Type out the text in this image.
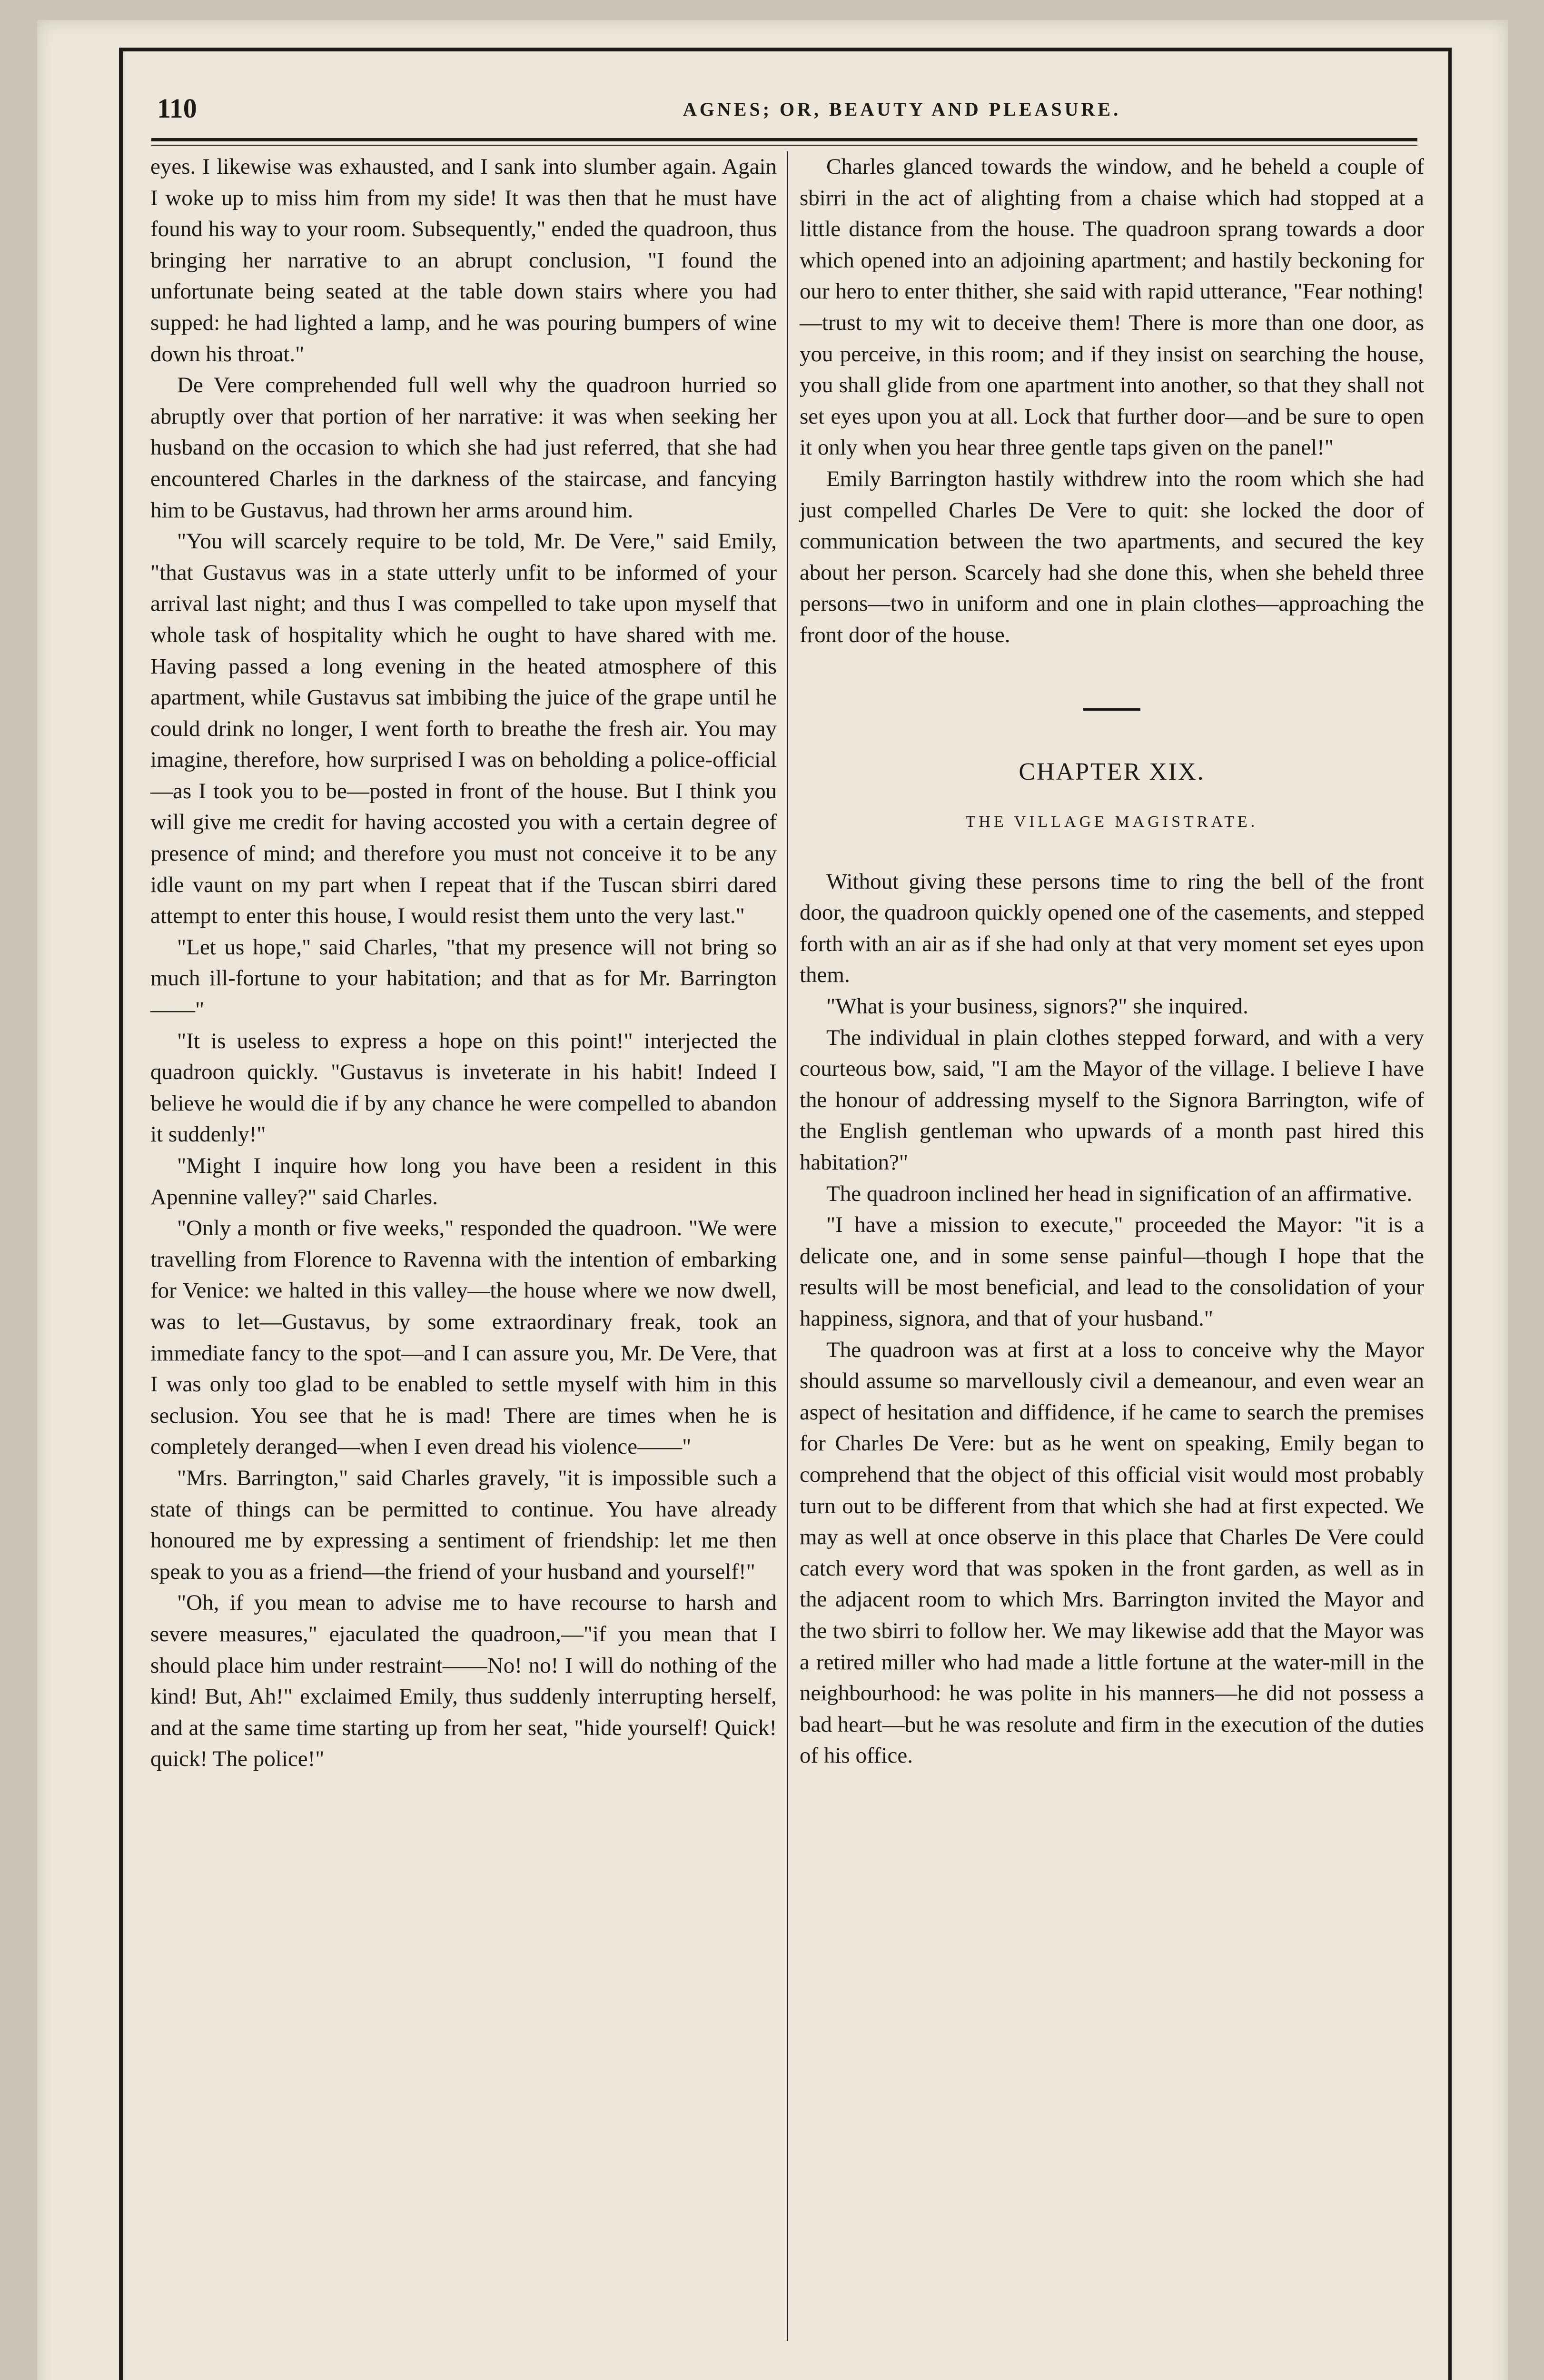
110	AGNES; OR, BEAUTY AND PLEASURE.

eyes. I likewise was exhausted, and I sank into slumber again. Again I woke up to miss him from my side! It was then that he must have found his way to your room. Subsequently," ended the quadroon, thus bringing her narrative to an abrupt conclusion, "I found the unfortunate being seated at the table down stairs where you had supped: he had lighted a lamp, and he was pouring bumpers of wine down his throat."

De Vere comprehended full well why the quadroon hurried so abruptly over that portion of her narrative: it was when seeking her husband on the occasion to which she had just referred, that she had encountered Charles in the darkness of the staircase, and fancying him to be Gustavus, had thrown her arms around him.

"You will scarcely require to be told, Mr. De Vere," said Emily, "that Gustavus was in a state utterly unfit to be informed of your arrival last night; and thus I was compelled to take upon myself that whole task of hospitality which he ought to have shared with me. Having passed a long evening in the heated atmosphere of this apartment, while Gustavus sat imbibing the juice of the grape until he could drink no longer, I went forth to breathe the fresh air. You may imagine, therefore, how surprised I was on beholding a police-official—as I took you to be—posted in front of the house. But I think you will give me credit for having accosted you with a certain degree of presence of mind; and therefore you must not conceive it to be any idle vaunt on my part when I repeat that if the Tuscan sbirri dared attempt to enter this house, I would resist them unto the very last."

"Let us hope," said Charles, "that my presence will not bring so much ill-fortune to your habitation; and that as for Mr. Barrington——"

"It is useless to express a hope on this point!" interjected the quadroon quickly. "Gustavus is inveterate in his habit! Indeed I believe he would die if by any chance he were compelled to abandon it suddenly!"

"Might I inquire how long you have been a resident in this Apennine valley?" said Charles.

"Only a month or five weeks," responded the quadroon. "We were travelling from Florence to Ravenna with the intention of embarking for Venice: we halted in this valley—the house where we now dwell, was to let—Gustavus, by some extraordinary freak, took an immediate fancy to the spot—and I can assure you, Mr. De Vere, that I was only too glad to be enabled to settle myself with him in this seclusion. You see that he is mad! There are times when he is completely deranged—when I even dread his violence——"

"Mrs. Barrington," said Charles gravely, "it is impossible such a state of things can be permitted to continue. You have already honoured me by expressing a sentiment of friendship: let me then speak to you as a friend—the friend of your husband and yourself!"

"Oh, if you mean to advise me to have recourse to harsh and severe measures," ejaculated the quadroon,—"if you mean that I should place him under restraint——No! no! I will do nothing of the kind! But, Ah!" exclaimed Emily, thus suddenly interrupting herself, and at the same time starting up from her seat, "hide yourself! Quick! quick! The police!"

Charles glanced towards the window, and he beheld a couple of sbirri in the act of alighting from a chaise which had stopped at a little distance from the house. The quadroon sprang towards a door which opened into an adjoining apartment; and hastily beckoning for our hero to enter thither, she said with rapid utterance, "Fear nothing!—trust to my wit to deceive them! There is more than one door, as you perceive, in this room; and if they insist on searching the house, you shall glide from one apartment into another, so that they shall not set eyes upon you at all. Lock that further door—and be sure to open it only when you hear three gentle taps given on the panel!"

Emily Barrington hastily withdrew into the room which she had just compelled Charles De Vere to quit: she locked the door of communication between the two apartments, and secured the key about her person. Scarcely had she done this, when she beheld three persons—two in uniform and one in plain clothes—approaching the front door of the house.

CHAPTER XIX.
THE VILLAGE MAGISTRATE.

Without giving these persons time to ring the bell of the front door, the quadroon quickly opened one of the casements, and stepped forth with an air as if she had only at that very moment set eyes upon them.

"What is your business, signors?" she inquired.

The individual in plain clothes stepped forward, and with a very courteous bow, said, "I am the Mayor of the village. I believe I have the honour of addressing myself to the Signora Barrington, wife of the English gentleman who upwards of a month past hired this habitation?"

The quadroon inclined her head in signification of an affirmative.

"I have a mission to execute," proceeded the Mayor: "it is a delicate one, and in some sense painful—though I hope that the results will be most beneficial, and lead to the consolidation of your happiness, signora, and that of your husband."

The quadroon was at first at a loss to conceive why the Mayor should assume so marvellously civil a demeanour, and even wear an aspect of hesitation and diffidence, if he came to search the premises for Charles De Vere: but as he went on speaking, Emily began to comprehend that the object of this official visit would most probably turn out to be different from that which she had at first expected. We may as well at once observe in this place that Charles De Vere could catch every word that was spoken in the front garden, as well as in the adjacent room to which Mrs. Barrington invited the Mayor and the two sbirri to follow her. We may likewise add that the Mayor was a retired miller who had made a little fortune at the water-mill in the neighbourhood: he was polite in his manners—he did not possess a bad heart—but he was resolute and firm in the execution of the duties of his office.
